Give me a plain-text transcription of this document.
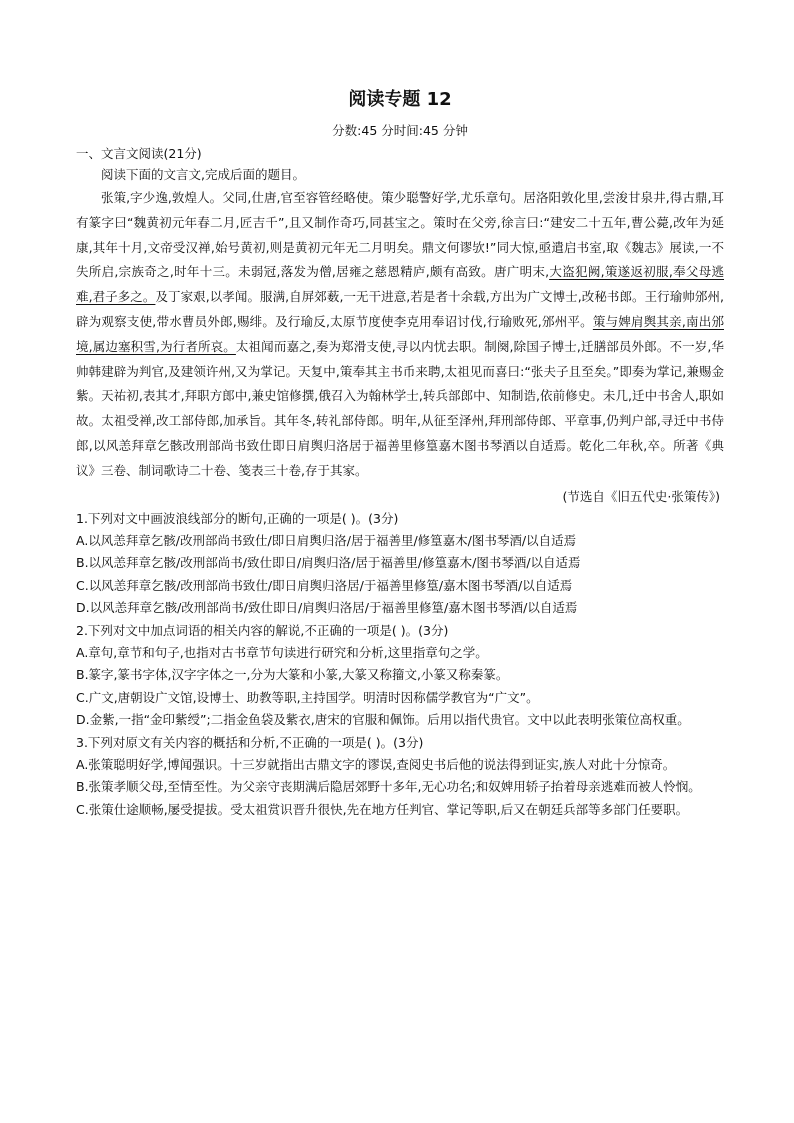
阅读专题 12
分数:45 分时间:45 分钟
一、文言文阅读(21分)

阅读下面的文言文,完成后面的题目。

张策,字少逸,敦煌人。父同,仕唐,官至容管经略使。策少聪警好学,尤乐章句。居洛阳敦化里,尝浚甘泉井,得古鼎,耳有篆字曰“魏黄初元年春二月,匠吉千”,且又制作奇巧,同甚宝之。策时在父旁,徐言曰:“建安二十五年,曹公薨,改年为延康,其年十月,文帝受汉禅,始号黄初,则是黄初元年无二月明矣。鼎文何谬欤!”同大惊,亟遣启书室,取《魏志》展读,一不失所启,宗族奇之,时年十三。未弱冠,落发为僧,居雍之慈恩精庐,颇有高致。唐广明末,大盗犯阙,策遂返初服,奉父母逃难,君子多之。及丁家艰,以孝闻。服满,自屏郊薮,一无干进意,若是者十余载,方出为广文博士,改秘书郎。王行瑜帅邠州,辟为观察支使,带水曹员外郎,赐绯。及行瑜反,太原节度使李克用奉诏讨伐,行瑜败死,邠州平。策与婢肩舆其亲,南出邠境,属边塞积雪,为行者所哀。太祖闻而嘉之,奏为郑滑支使,寻以内忧去职。制阕,除国子博士,迁膳部员外郎。不一岁,华帅韩建辟为判官,及建领许州,又为掌记。天复中,策奉其主书币来聘,太祖见而喜曰:“张夫子且至矣。”即奏为掌记,兼赐金紫。天祐初,表其才,拜职方郎中,兼史馆修撰,俄召入为翰林学士,转兵部郎中、知制诰,依前修史。未几,迁中书舍人,职如故。太祖受禅,改工部侍郎,加承旨。其年冬,转礼部侍郎。明年,从征至泽州,拜刑部侍郎、平章事,仍判户部,寻迁中书侍郎,以风恙拜章乞骸改刑部尚书致仕即日肩舆归洛居于福善里修篁嘉木图书琴酒以自适焉。乾化二年秋,卒。所著《典议》三卷、制词歌诗二十卷、笺表三十卷,存于其家。

(节选自《旧五代史·张策传》)

1.下列对文中画波浪线部分的断句,正确的一项是( )。(3分)

A.以风恙拜章乞骸/改刑部尚书致仕/即日肩舆归洛/居于福善里/修篁嘉木/图书琴酒/以自适焉

B.以风恙拜章乞骸/改刑部尚书/致仕即日/肩舆归洛/居于福善里/修篁嘉木/图书琴酒/以自适焉

C.以风恙拜章乞骸/改刑部尚书致仕/即日肩舆归洛居/于福善里修篁/嘉木图书琴酒/以自适焉

D.以风恙拜章乞骸/改刑部尚书/致仕即日/肩舆归洛居/于福善里修篁/嘉木图书琴酒/以自适焉

2.下列对文中加点词语的相关内容的解说,不正确的一项是( )。(3分)

A.章句,章节和句子,也指对古书章节句读进行研究和分析,这里指章句之学。

B.篆字,篆书字体,汉字字体之一,分为大篆和小篆,大篆又称籀文,小篆又称秦篆。

C.广文,唐朝设广文馆,设博士、助教等职,主持国学。明清时因称儒学教官为“广文”。

D.金紫,一指“金印紫绶”;二指金鱼袋及紫衣,唐宋的官服和佩饰。后用以指代贵官。文中以此表明张策位高权重。

3.下列对原文有关内容的概括和分析,不正确的一项是( )。(3分)

A.张策聪明好学,博闻强识。十三岁就指出古鼎文字的谬误,查阅史书后他的说法得到证实,族人对此十分惊奇。

B.张策孝顺父母,至情至性。为父亲守丧期满后隐居郊野十多年,无心功名;和奴婢用轿子抬着母亲逃难而被人怜悯。

C.张策仕途顺畅,屡受提拔。受太祖赏识晋升很快,先在地方任判官、掌记等职,后又在朝廷兵部等多部门任要职。
